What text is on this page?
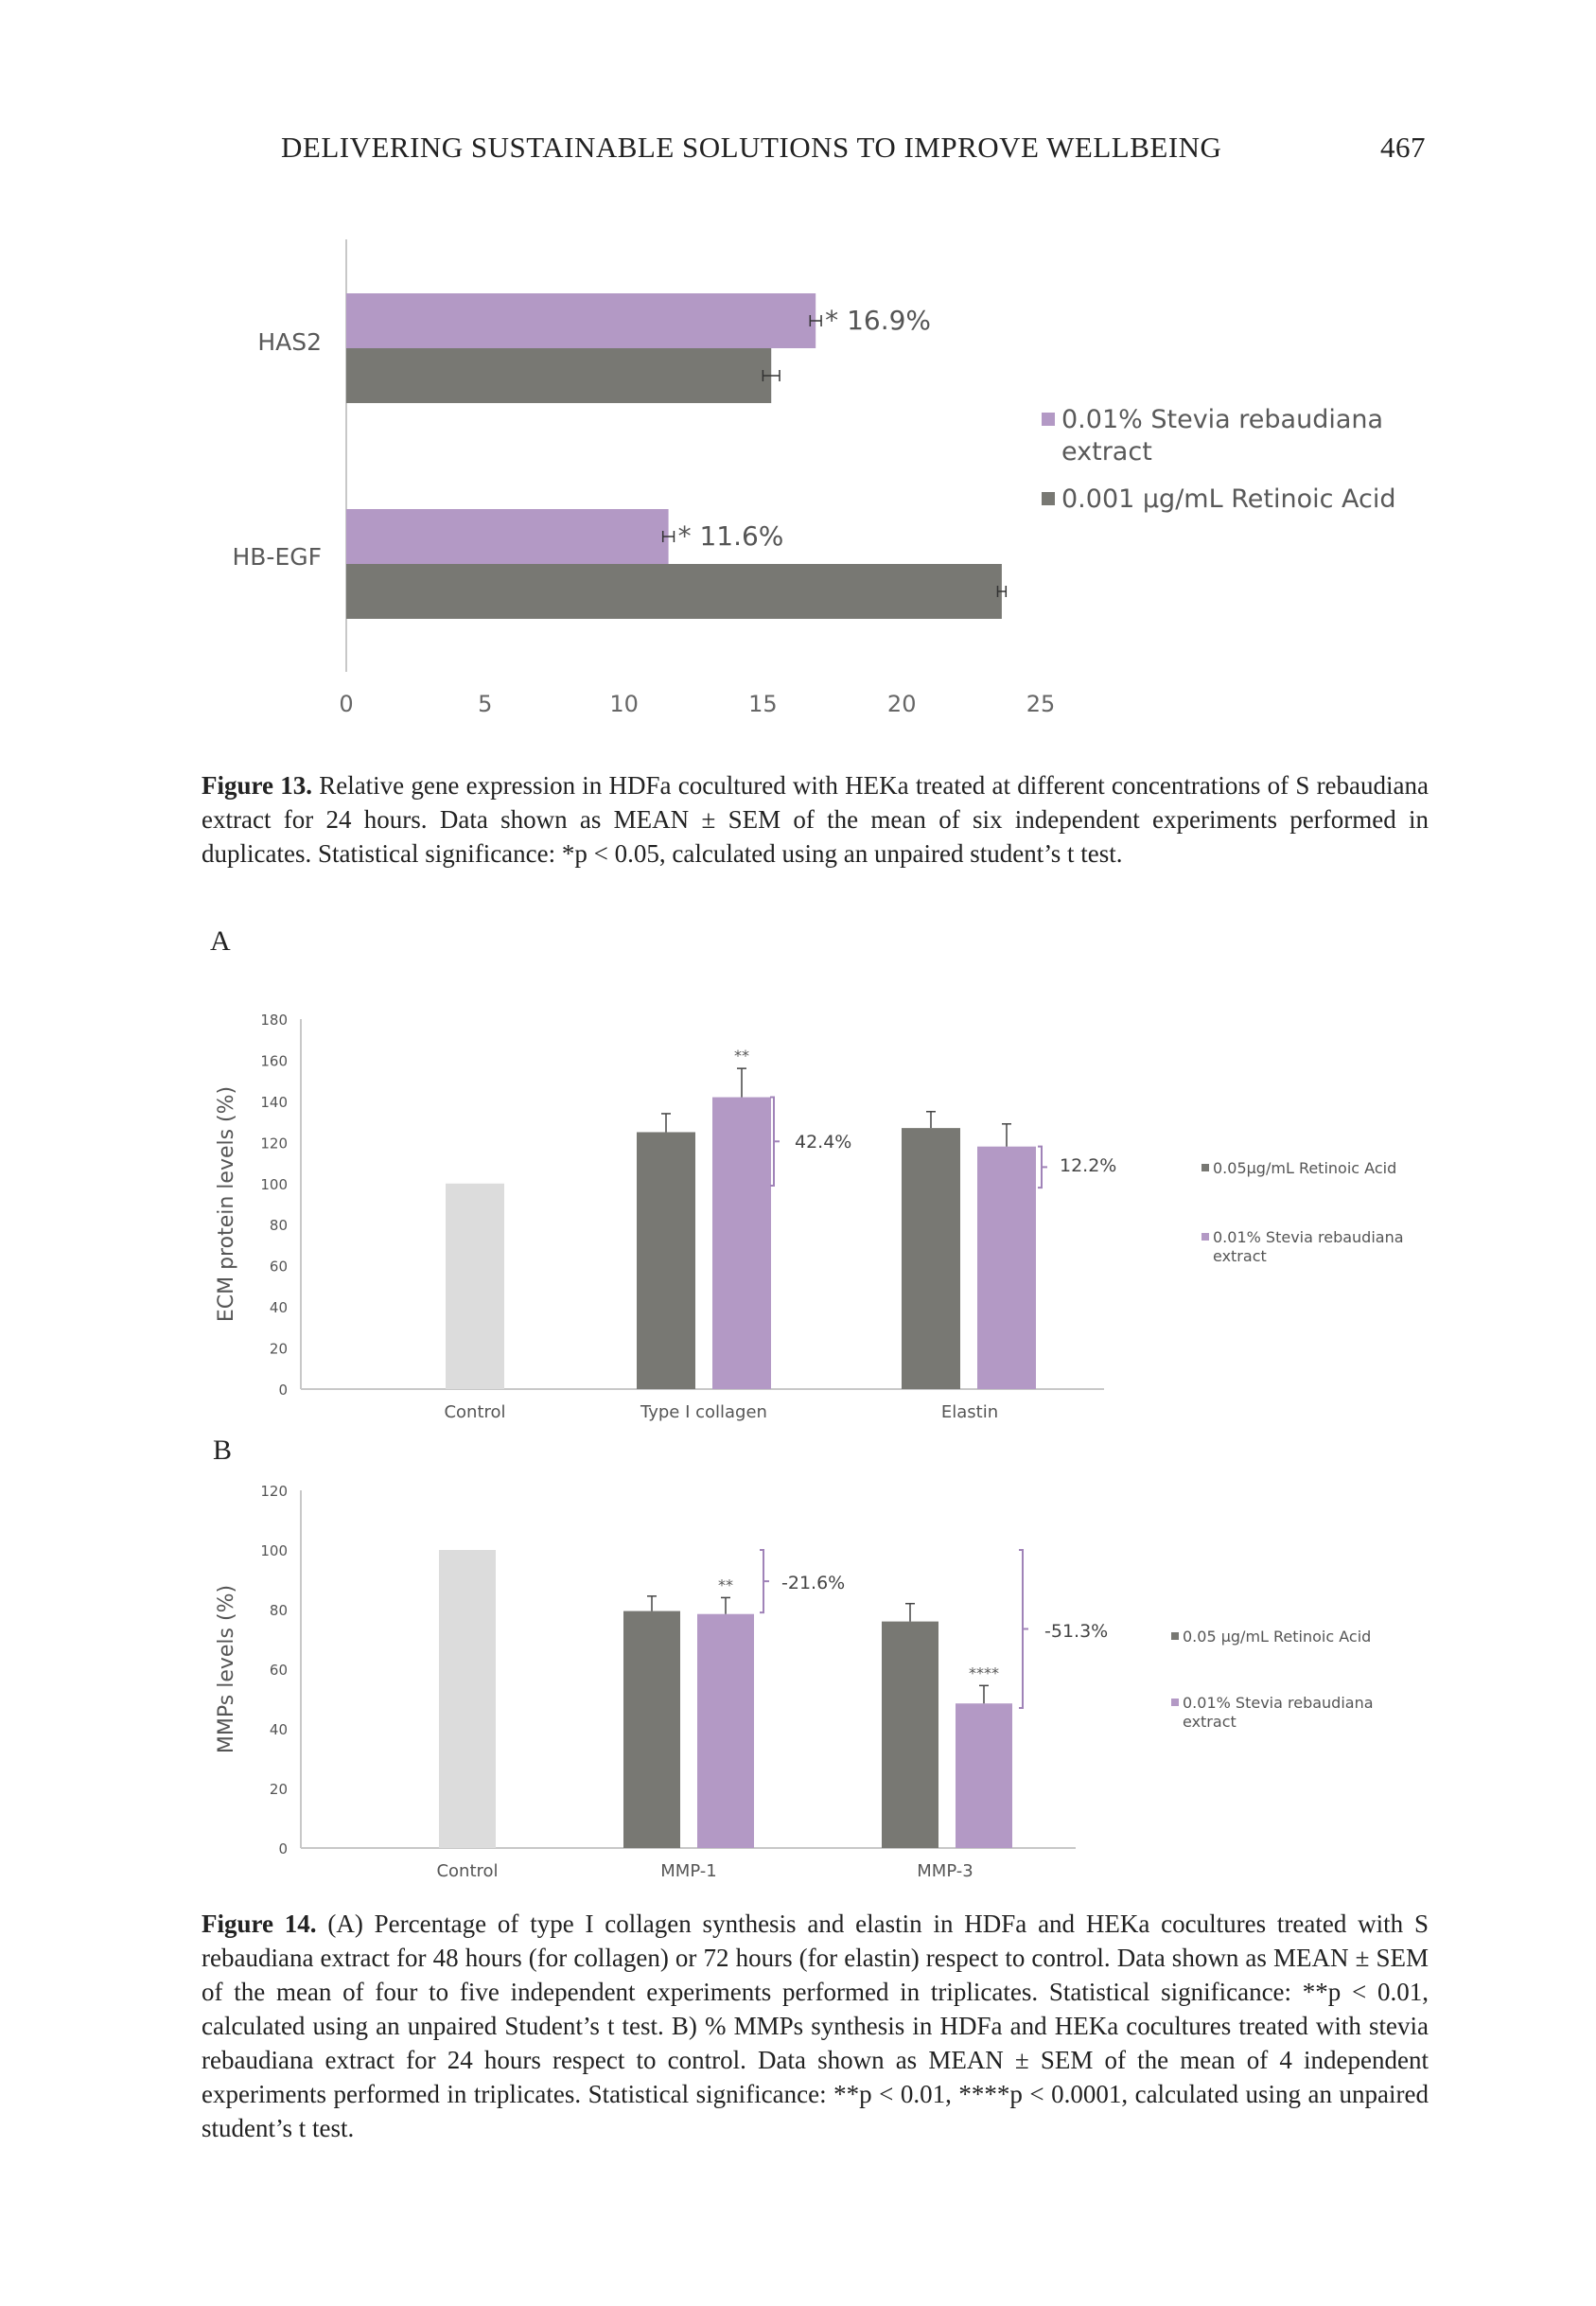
DELIVERING SUSTAINABLE SOLUTIONS TO IMPROVE WELLBEING	467
0	5	10	15	20	25
HAS2
* 16.9%
HB-EGF
* 11.6%
0.01% Stevia rebaudiana
extract
0.001 µg/mL Retinoic Acid
Figure 13. Relative gene expression in HDFa cocultured with HEKa treated at different concentrations of S rebaudiana extract for 24 hours. Data shown as MEAN ± SEM of the mean of six independent experiments performed in duplicates. Statistical significance: *p < 0.05, calculated using an unpaired student’s t test.
A
0
20
40
60
80
100
120
140
160
180
ECM protein levels (%)
Control	Type I collagen	Elastin
**
42.4%
12.2%	0.05µg/mL Retinoic Acid
0.01% Stevia rebaudiana
extract
B
0
20
40
60
80
100
120
MMPs levels (%)
Control	MMP-1	MMP-3
**	-21.6%
****
-51.3%	0.05 µg/mL Retinoic Acid
0.01% Stevia rebaudiana
extract
Figure 14. (A) Percentage of type I collagen synthesis and elastin in HDFa and HEKa cocultures treated with S rebaudiana extract for 48 hours (for collagen) or 72 hours (for elastin) respect to control. Data shown as MEAN ± SEM of the mean of four to five independent experiments performed in triplicates. Statistical significance: **p < 0.01, calculated using an unpaired Student’s t test. B) % MMPs synthesis in HDFa and HEKa cocultures treated with stevia rebaudiana extract for 24 hours respect to control. Data shown as MEAN ± SEM of the mean of 4 independent experiments performed in triplicates. Statistical significance: **p < 0.01, ****p < 0.0001, calculated using an unpaired student’s t test.
